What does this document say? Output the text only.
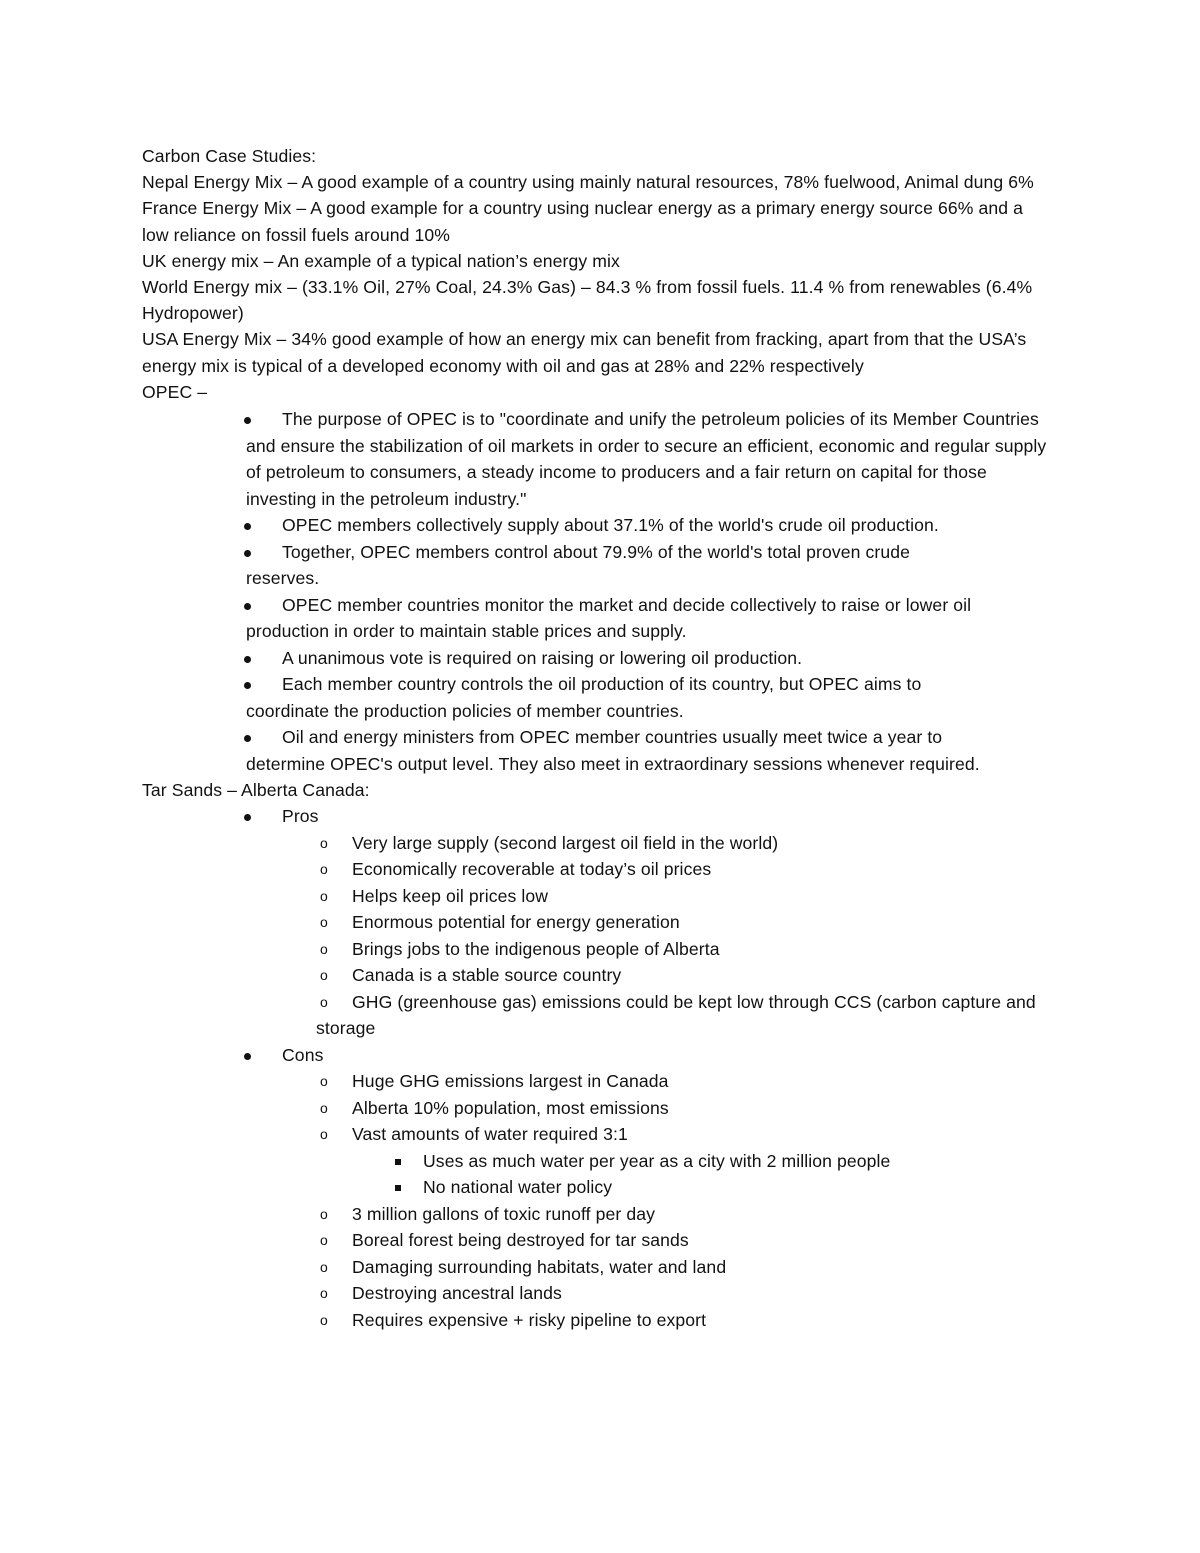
Carbon Case Studies:

Nepal Energy Mix – A good example of a country using mainly natural resources, 78% fuelwood, Animal dung 6%

France Energy Mix – A good example for a country using nuclear energy as a primary energy source 66% and a low reliance on fossil fuels around 10%

UK energy mix – An example of a typical nation’s energy mix

World Energy mix – (33.1% Oil, 27% Coal, 24.3% Gas) – 84.3 % from fossil fuels. 11.4 % from renewables (6.4% Hydropower)

USA Energy Mix – 34% good example of how an energy mix can benefit from fracking, apart from that the USA’s energy mix is typical of a developed economy with oil and gas at 28% and 22% respectively

OPEC –

The purpose of OPEC is to "coordinate and unify the petroleum policies of its Member Countries and ensure the stabilization of oil markets in order to secure an efficient, economic and regular supply of petroleum to consumers, a steady income to producers and a fair return on capital for those investing in the petroleum industry."
OPEC members collectively supply about 37.1% of the world's crude oil production.
Together, OPEC members control about 79.9% of the world's total proven crude reserves.
OPEC member countries monitor the market and decide collectively to raise or lower oil production in order to maintain stable prices and supply.
A unanimous vote is required on raising or lowering oil production.
Each member country controls the oil production of its country, but OPEC aims to coordinate the production policies of member countries.
Oil and energy ministers from OPEC member countries usually meet twice a year to determine OPEC's output level. They also meet in extraordinary sessions whenever required.

Tar Sands – Alberta Canada:

Pros
o Very large supply (second largest oil field in the world)
o Economically recoverable at today’s oil prices
o Helps keep oil prices low
o Enormous potential for energy generation
o Brings jobs to the indigenous people of Alberta
o Canada is a stable source country
o	GHG (greenhouse gas) emissions could be kept low through CCS (carbon capture and storage
Cons
o Huge GHG emissions largest in Canada
o Alberta 10% population, most emissions
o Vast amounts of water required 3:1
Uses as much water per year as a city with 2 million people
No national water policy
o 3 million gallons of toxic runoff per day
o Boreal forest being destroyed for tar sands
o Damaging surrounding habitats, water and land
o Destroying ancestral lands
o Requires expensive + risky pipeline to export
